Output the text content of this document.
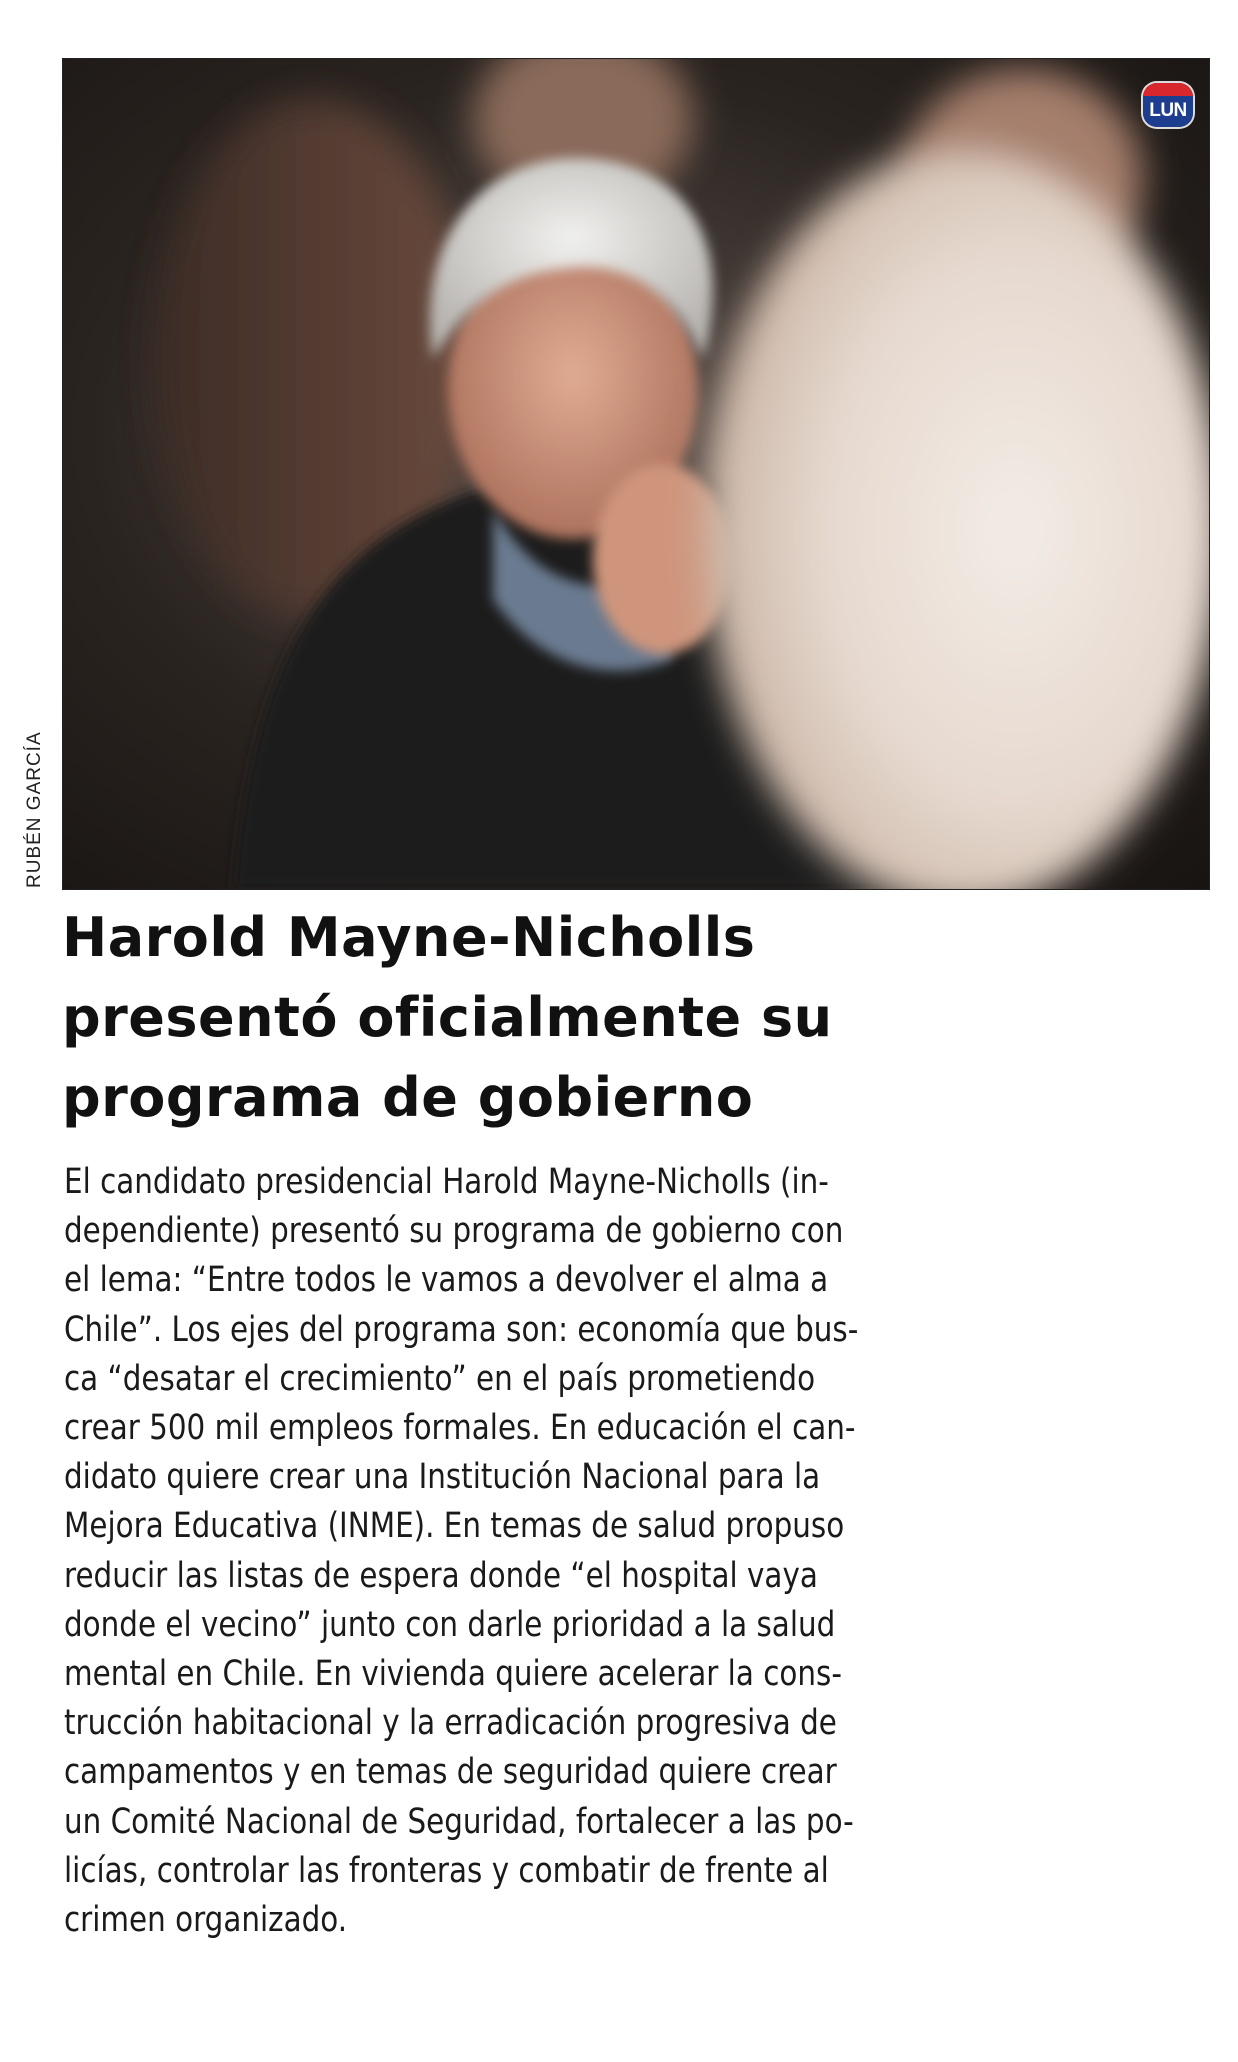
LUN
RUBÉN GARCÍA
Harold Mayne-Nicholls
presentó oficialmente su
programa de gobierno

El candidato presidencial Harold Mayne-Nicholls (in-
dependiente) presentó su programa de gobierno con
el lema: “Entre todos le vamos a devolver el alma a
Chile”. Los ejes del programa son: economía que bus-
ca “desatar el crecimiento” en el país prometiendo
crear 500 mil empleos formales. En educación el can-
didato quiere crear una Institución Nacional para la
Mejora Educativa (INME). En temas de salud propuso
reducir las listas de espera donde “el hospital vaya
donde el vecino” junto con darle prioridad a la salud
mental en Chile. En vivienda quiere acelerar la cons-
trucción habitacional y la erradicación progresiva de
campamentos y en temas de seguridad quiere crear
un Comité Nacional de Seguridad, fortalecer a las po-
licías, controlar las fronteras y combatir de frente al
crimen organizado.
